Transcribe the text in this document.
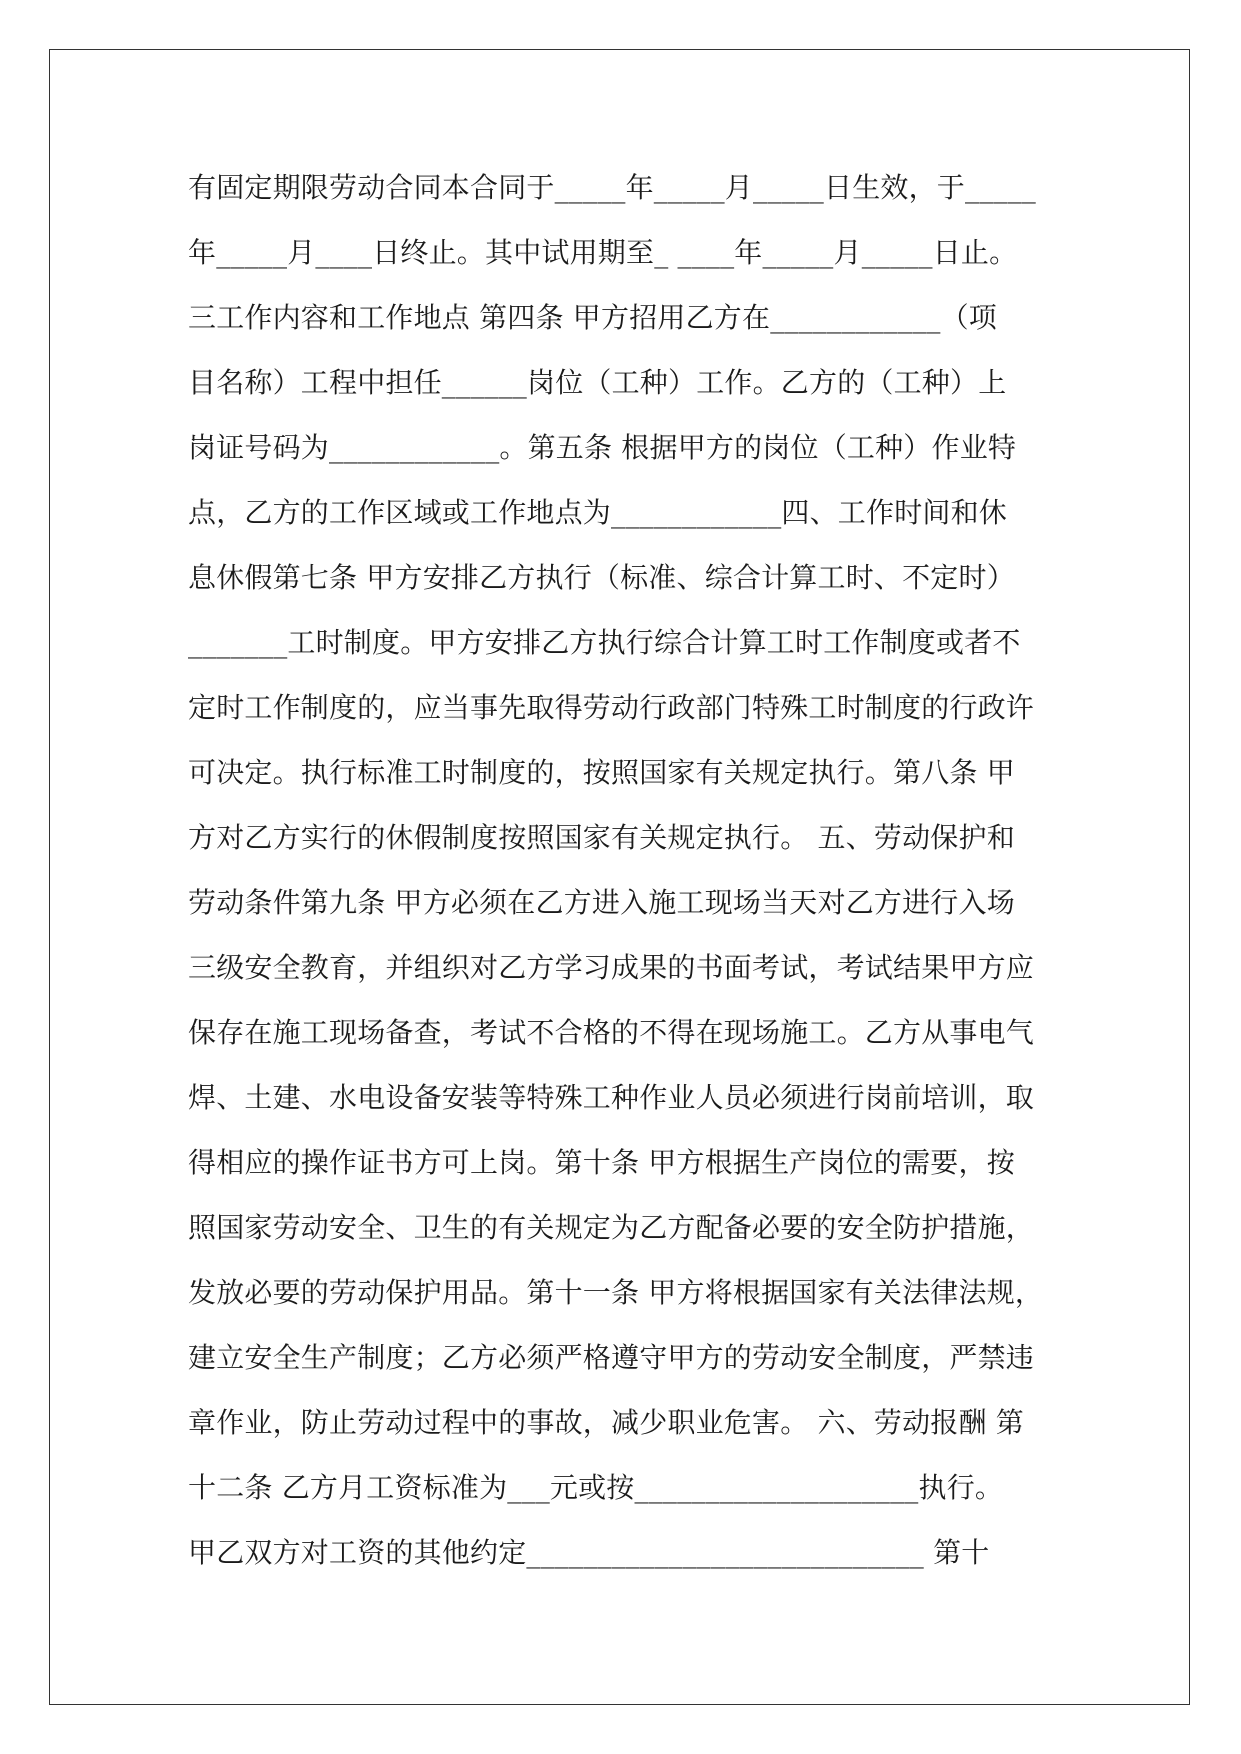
有固定期限劳动合同本合同于_____年_____月_____日生效，于_____
年_____月____日终止。其中试用期至_ ____年_____月_____日止。
三工作内容和工作地点 第四条 甲方招用乙方在____________（项
目名称）工程中担任______岗位（工种）工作。乙方的（工种）上
岗证号码为____________。第五条 根据甲方的岗位（工种）作业特
点，乙方的工作区域或工作地点为____________四、工作时间和休
息休假第七条 甲方安排乙方执行（标准、综合计算工时、不定时）
_______工时制度。甲方安排乙方执行综合计算工时工作制度或者不
定时工作制度的，应当事先取得劳动行政部门特殊工时制度的行政许
可决定。执行标准工时制度的，按照国家有关规定执行。第八条 甲
方对乙方实行的休假制度按照国家有关规定执行。 五、劳动保护和
劳动条件第九条 甲方必须在乙方进入施工现场当天对乙方进行入场
三级安全教育，并组织对乙方学习成果的书面考试，考试结果甲方应
保存在施工现场备查，考试不合格的不得在现场施工。乙方从事电气
焊、土建、水电设备安装等特殊工种作业人员必须进行岗前培训，取
得相应的操作证书方可上岗。第十条 甲方根据生产岗位的需要，按
照国家劳动安全、卫生的有关规定为乙方配备必要的安全防护措施，
发放必要的劳动保护用品。第十一条 甲方将根据国家有关法律法规，
建立安全生产制度；乙方必须严格遵守甲方的劳动安全制度，严禁违
章作业，防止劳动过程中的事故，减少职业危害。 六、劳动报酬 第
十二条 乙方月工资标准为___元或按____________________执行。
甲乙双方对工资的其他约定____________________________ 第十
